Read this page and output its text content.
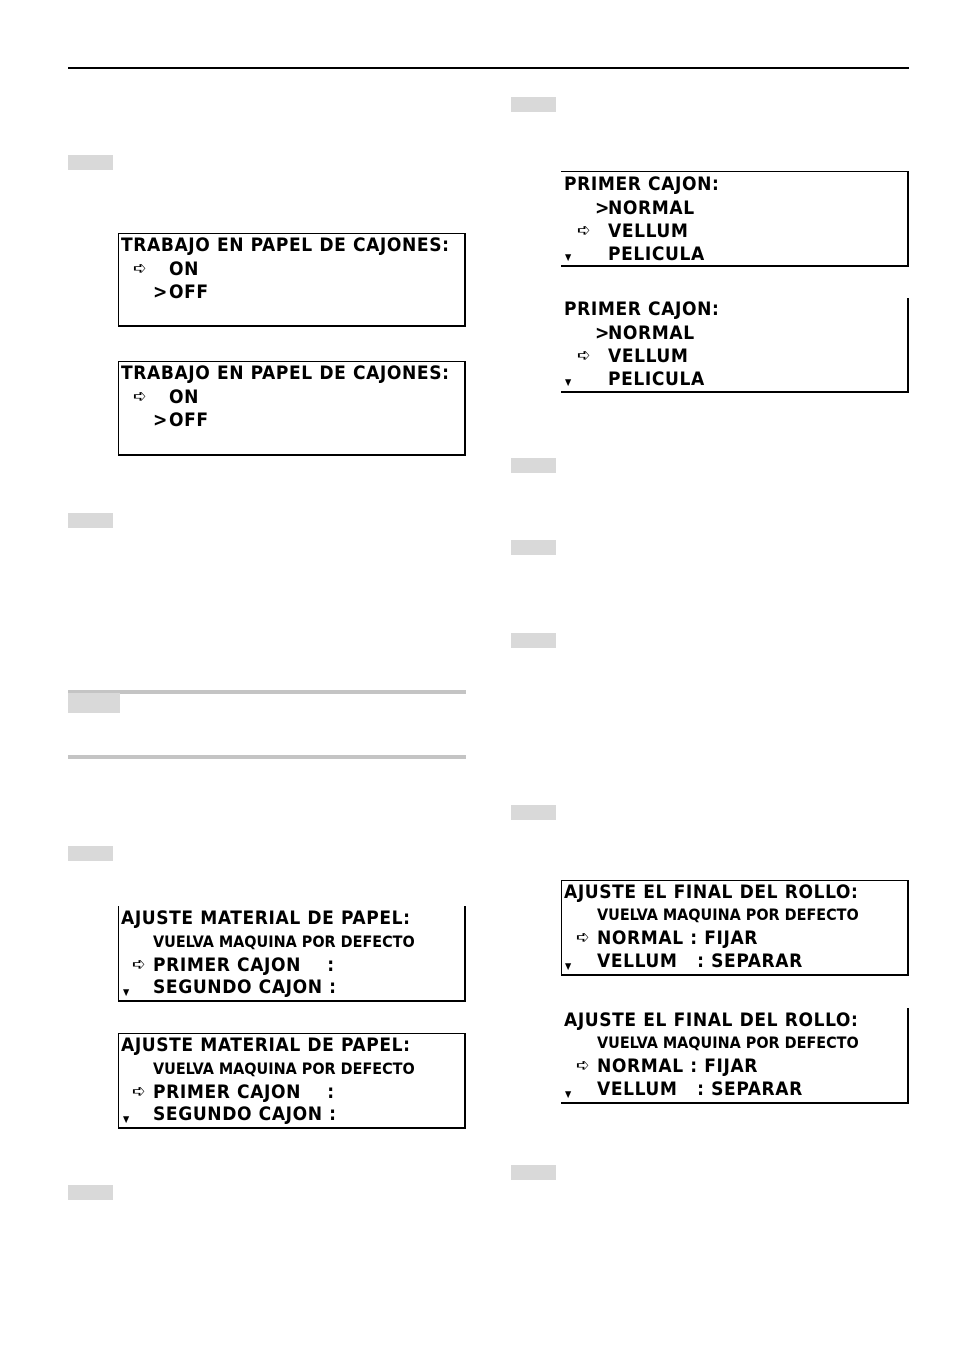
TRABAJO EN PAPEL DE CAJONES:

➪

ON

>

OFF

TRABAJO EN PAPEL DE CAJONES:

➪

ON

>

OFF

PRIMER CAJON:

>

NORMAL

➪

VELLUM

▼

PELICULA

PRIMER CAJON:

>

NORMAL

➪

VELLUM

▼

PELICULA

AJUSTE MATERIAL DE PAPEL:

VUELVA MAQUINA POR DEFECTO

➪

PRIMER CAJON    :

▼

SEGUNDO CAJON :

AJUSTE MATERIAL DE PAPEL:

VUELVA MAQUINA POR DEFECTO

➪

PRIMER CAJON    :

▼

SEGUNDO CAJON :

AJUSTE EL FINAL DEL ROLLO:

VUELVA MAQUINA POR DEFECTO

➪

NORMAL : FIJAR

▼

VELLUM   : SEPARAR

AJUSTE EL FINAL DEL ROLLO:

VUELVA MAQUINA POR DEFECTO

➪

NORMAL : FIJAR

▼

VELLUM   : SEPARAR
